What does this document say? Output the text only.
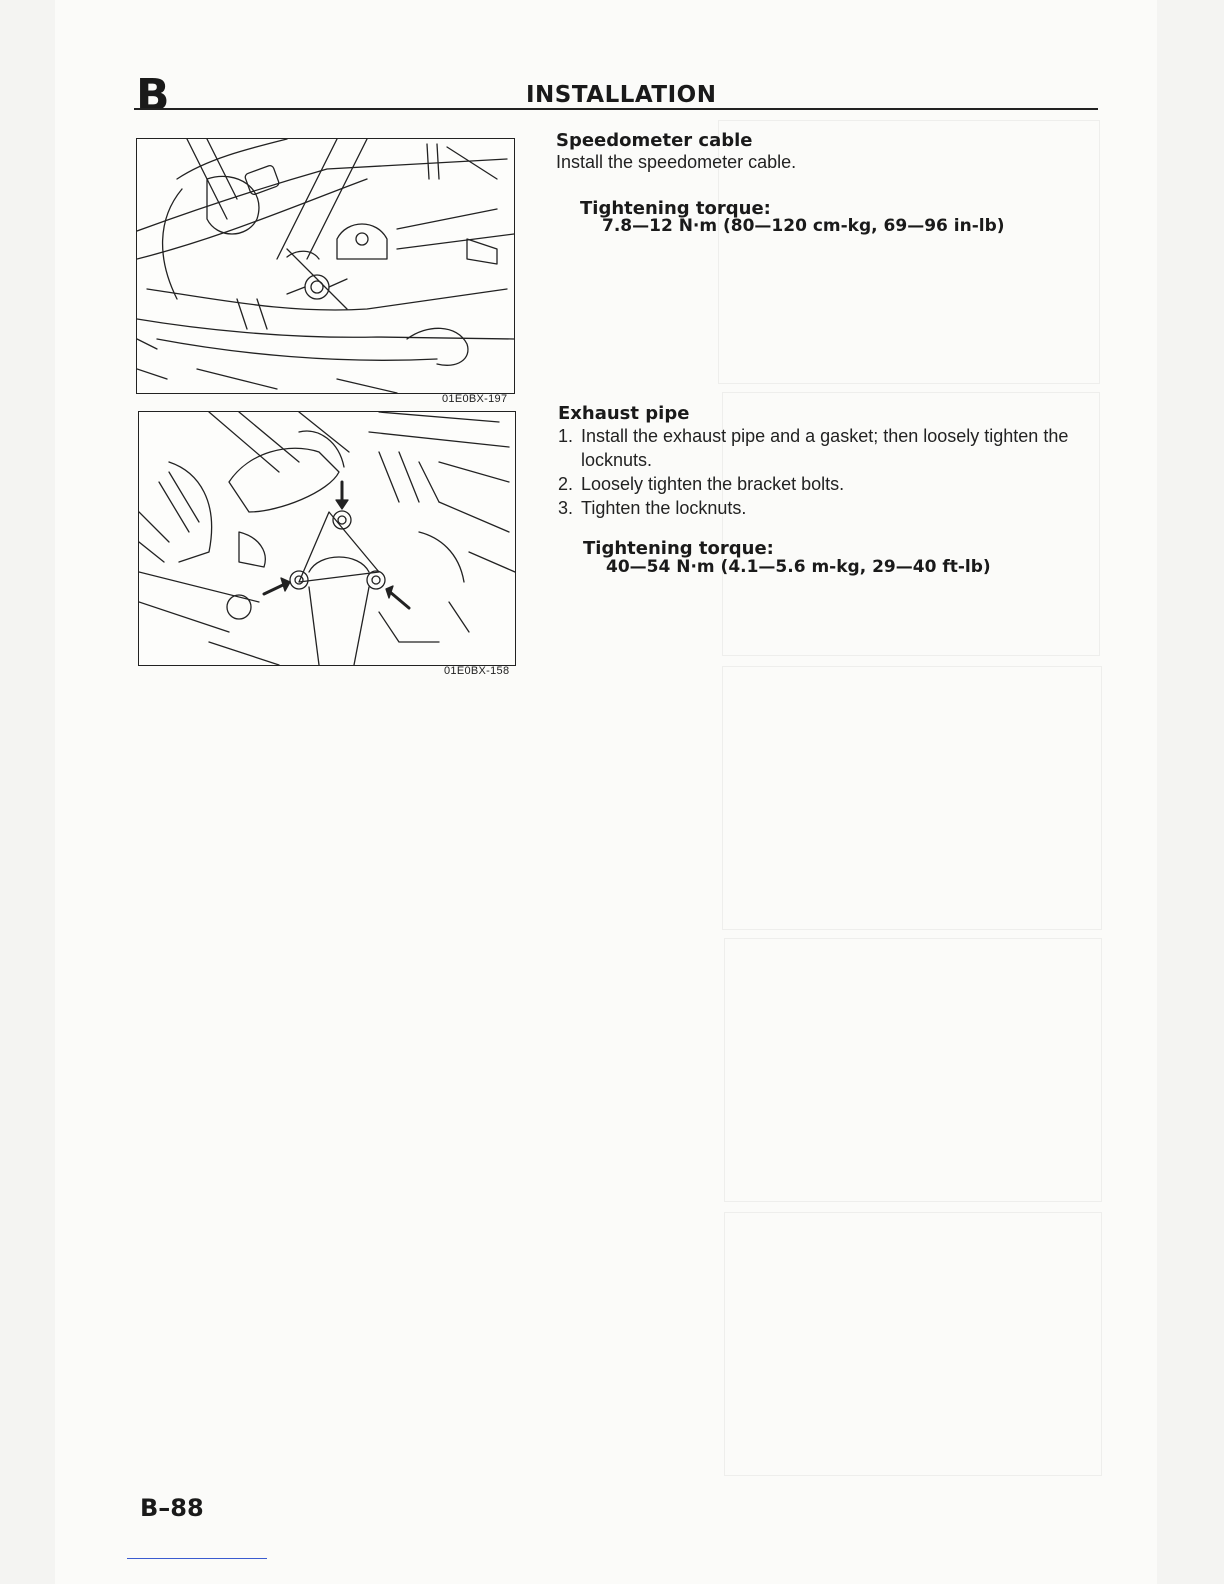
B	INSTALLATION
01E0BX-197
01E0BX-158
Speedometer cable
Install the speedometer cable.
Tightening torque:
7.8—12 N·m (80—120 cm-kg, 69—96 in-lb)
Exhaust pipe
1. Install the exhaust pipe and a gasket; then loosely tighten the locknuts.
2. Loosely tighten the bracket bolts.
3. Tighten the locknuts.
Tightening torque:
40—54 N·m (4.1—5.6 m-kg, 29—40 ft-lb)
B–88
